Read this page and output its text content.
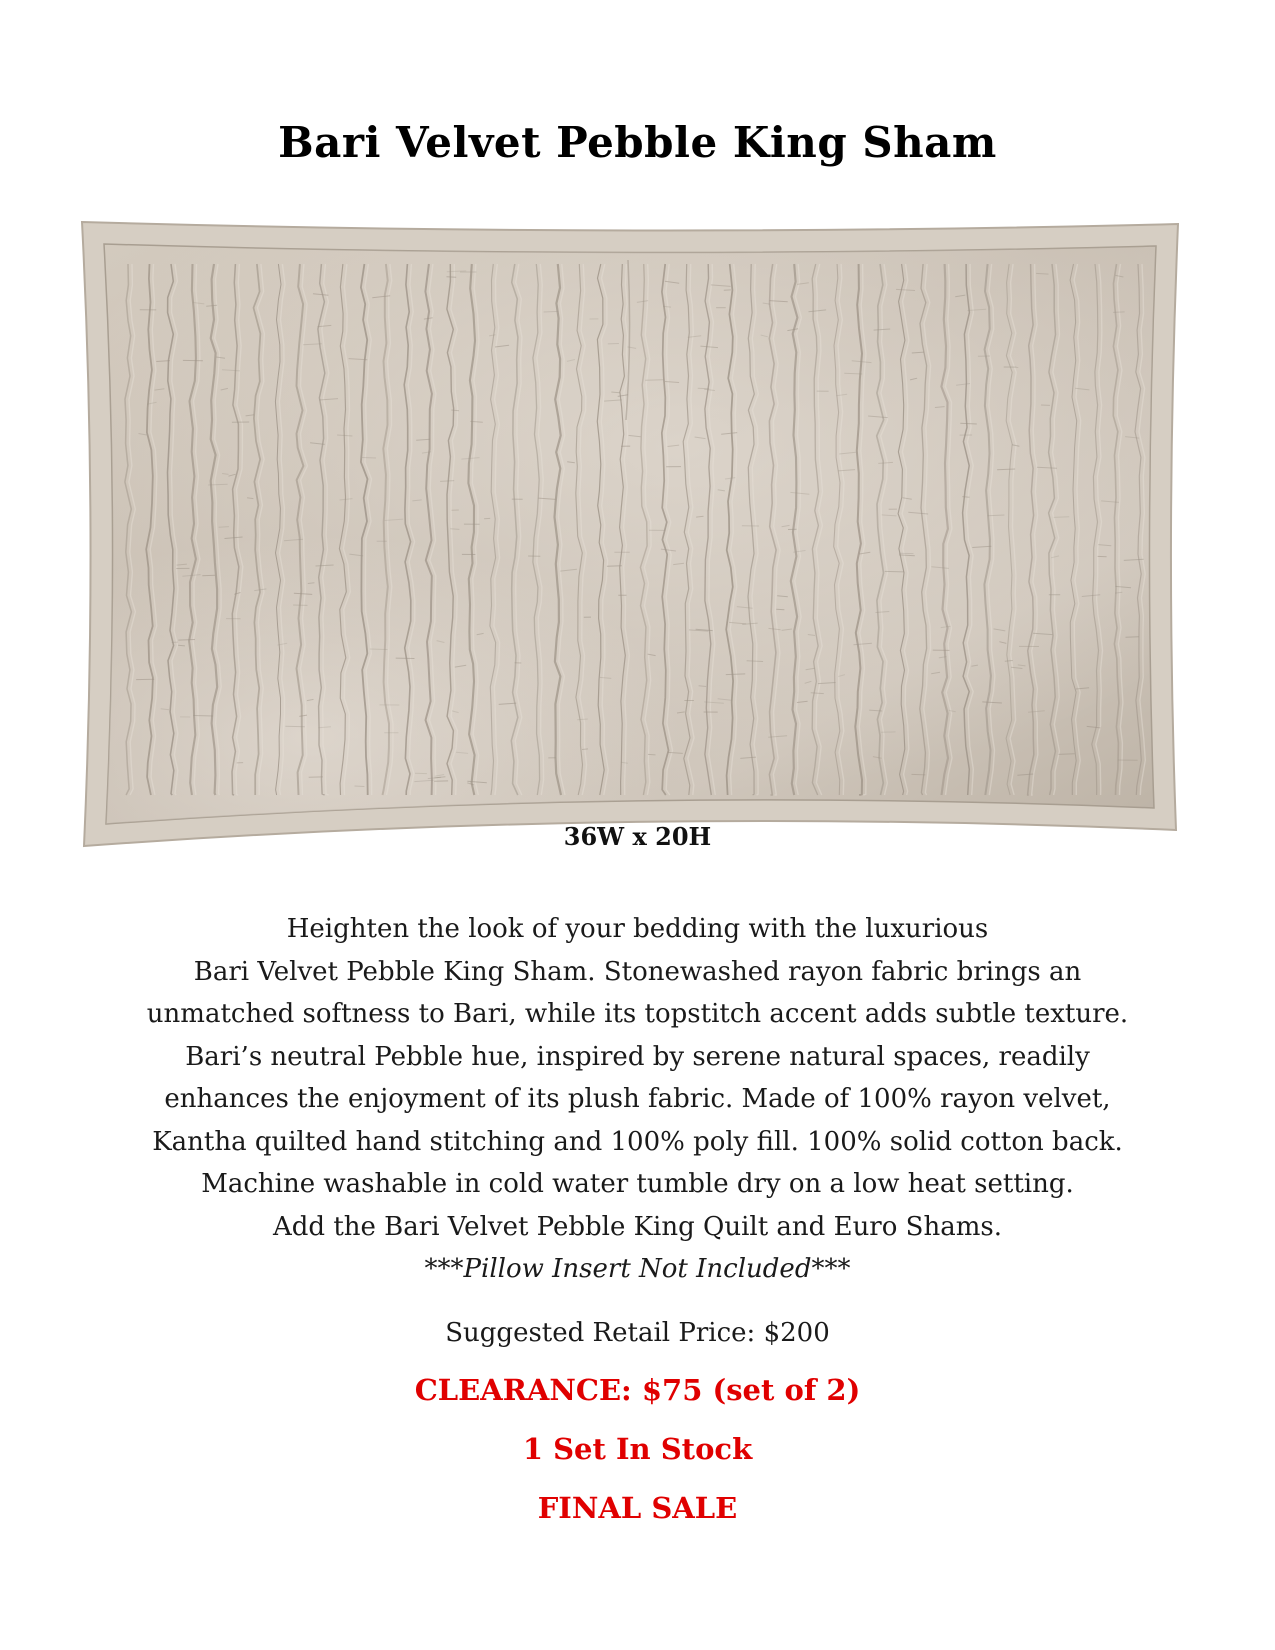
Bari Velvet Pebble King Sham
36W x 20H
Heighten the look of your bedding with the luxurious
Bari Velvet Pebble King Sham. Stonewashed rayon fabric brings an
unmatched softness to Bari, while its topstitch accent adds subtle texture.
Bari’s neutral Pebble hue, inspired by serene natural spaces, readily
enhances the enjoyment of its plush fabric. Made of 100% rayon velvet,
Kantha quilted hand stitching and 100% poly fill. 100% solid cotton back.
Machine washable in cold water tumble dry on a low heat setting.
Add the Bari Velvet Pebble King Quilt and Euro Shams.
***Pillow Insert Not Included***
Suggested Retail Price: $200
CLEARANCE: $75 (set of 2)
1 Set In Stock
FINAL SALE
